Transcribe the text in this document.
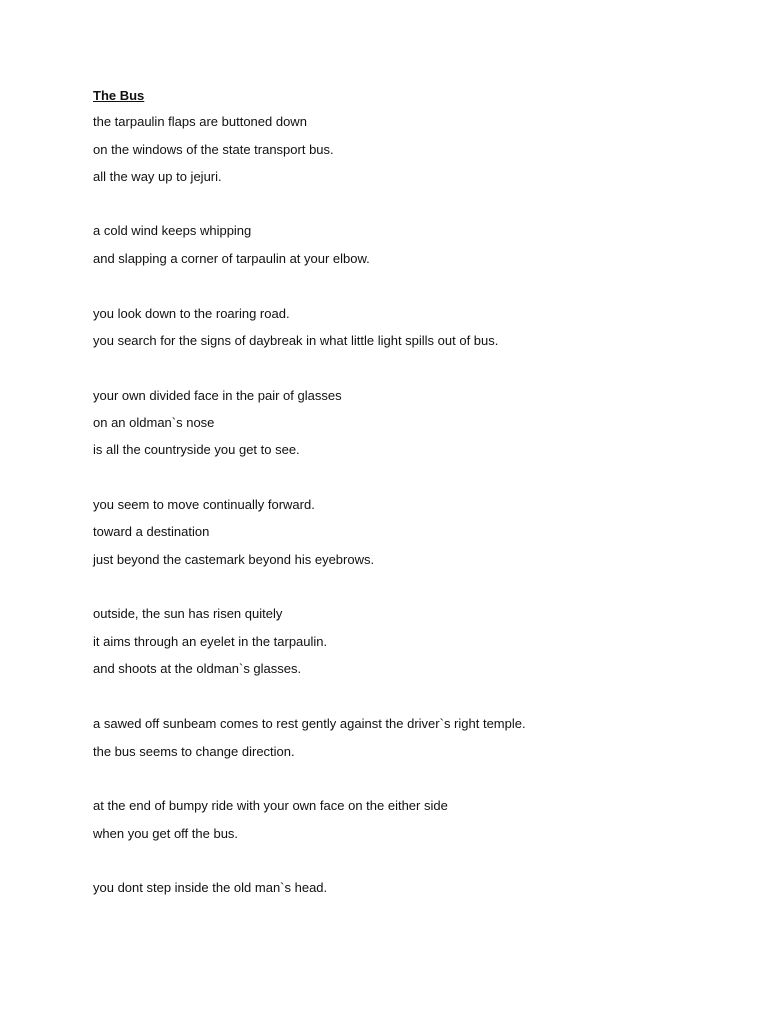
The Bus

the tarpaulin flaps are buttoned down

on the windows of the state transport bus.

all the way up to jejuri.

a cold wind keeps whipping

and slapping a corner of tarpaulin at your elbow.

you look down to the roaring road.

you search for the signs of daybreak in what little light spills out of bus.

your own divided face in the pair of glasses

on an oldman`s nose

is all the countryside you get to see.

you seem to move continually forward.

toward a destination

just beyond the castemark beyond his eyebrows.

outside, the sun has risen quitely

it aims through an eyelet in the tarpaulin.

and shoots at the oldman`s glasses.

a sawed off sunbeam comes to rest gently against the driver`s right temple.

the bus seems to change direction.

at the end of bumpy ride with your own face on the either side

when you get off the bus.

you dont step inside the old man`s head.
